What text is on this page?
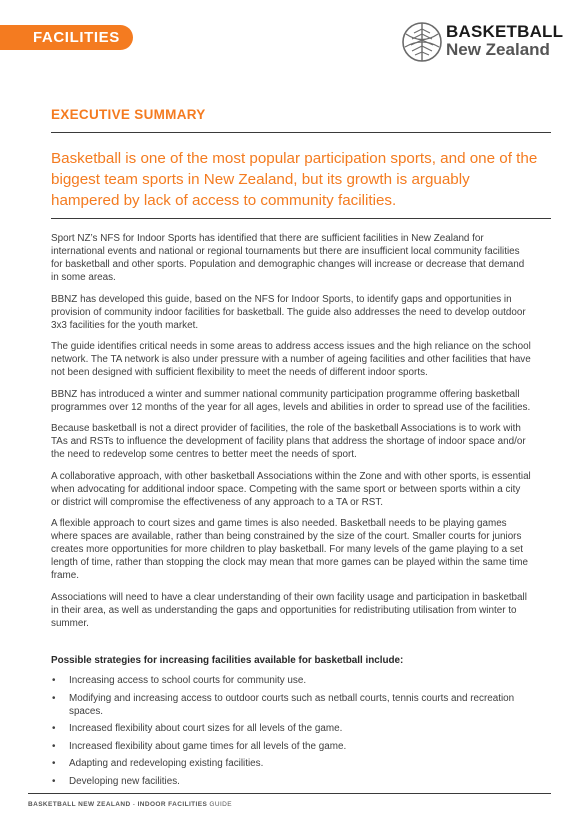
FACILITIES	BASKETBALL
New Zealand
EXECUTIVE SUMMARY

Basketball is one of the most popular participation sports, and one of the biggest team sports in New Zealand, but its growth is arguably hampered by lack of access to community facilities.

Sport NZ’s NFS for Indoor Sports has identified that there are sufficient facilities in New Zealand for international events and national or regional tournaments but there are insufficient local community facilities for basketball and other sports. Population and demographic changes will increase or decrease that demand in some areas.

BBNZ has developed this guide, based on the NFS for Indoor Sports, to identify gaps and opportunities in provision of community indoor facilities for basketball. The guide also addresses the need to develop outdoor 3x3 facilities for the youth market.

The guide identifies critical needs in some areas to address access issues and the high reliance on the school network. The TA network is also under pressure with a number of ageing facilities and other facilities that have not been designed with sufficient flexibility to meet the needs of different indoor sports.

BBNZ has introduced a winter and summer national community participation programme offering basketball programmes over 12 months of the year for all ages, levels and abilities in order to spread use of the facilities.

Because basketball is not a direct provider of facilities, the role of the basketball Associations is to work with TAs and RSTs to influence the development of facility plans that address the shortage of indoor space and/or the need to redevelop some centres to better meet the needs of sport.

A collaborative approach, with other basketball Associations within the Zone and with other sports, is essential when advocating for additional indoor space. Competing with the same sport or between sports within a city or district will compromise the effectiveness of any approach to a TA or RST.

A flexible approach to court sizes and game times is also needed. Basketball needs to be playing games where spaces are available, rather than being constrained by the size of the court. Smaller courts for juniors creates more opportunities for more children to play basketball. For many levels of the game playing to a set length of time, rather than stopping the clock may mean that more games can be played within the same time frame.

Associations will need to have a clear understanding of their own facility usage and participation in basketball in their area, as well as understanding the gaps and opportunities for redistributing utilisation from winter to summer.

Possible strategies for increasing facilities available for basketball include:

• Increasing access to school courts for community use.
• Modifying and increasing access to outdoor courts such as netball courts, tennis courts and recreation spaces.
• Increased flexibility about court sizes for all levels of the game.
• Increased flexibility about game times for all levels of the game.
• Adapting and redeveloping existing facilities.
• Developing new facilities.
BASKETBALL NEW ZEALAND - INDOOR FACILITIES GUIDE
